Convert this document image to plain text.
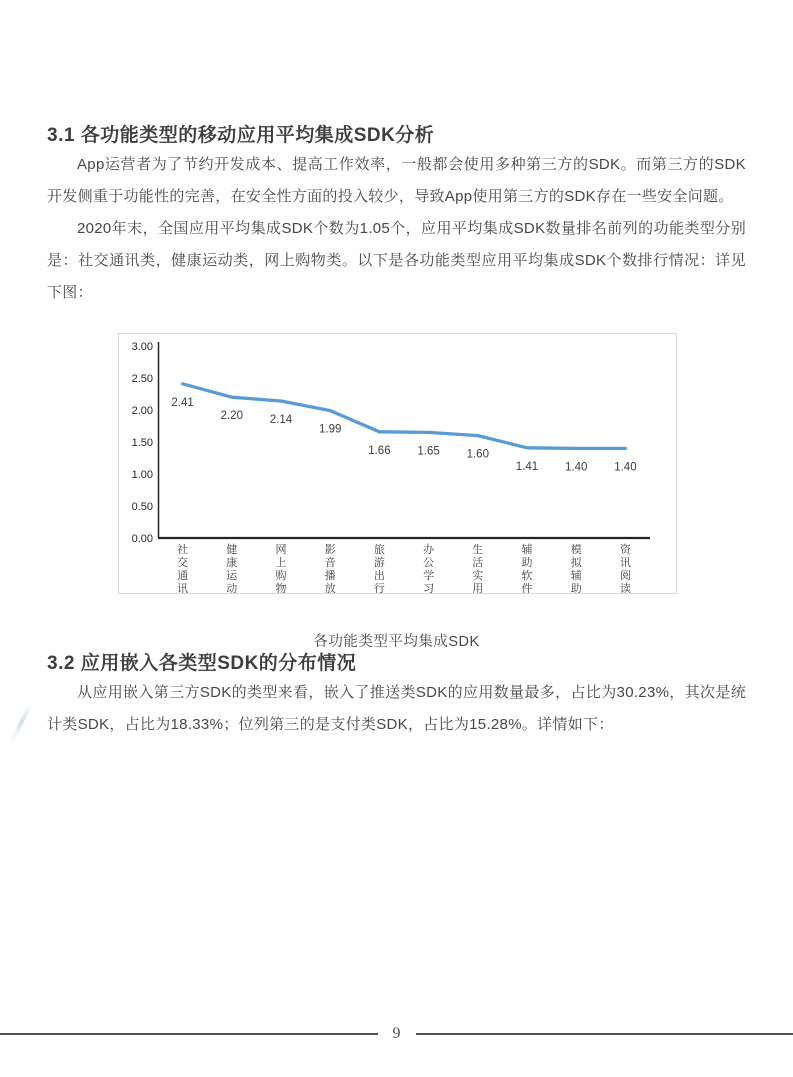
3.1 各功能类型的移动应用平均集成SDK分析

App运营者为了节约开发成本、提高工作效率，一般都会使用多种第三方的SDK。而第三方的SDK开发侧重于功能性的完善，在安全性方面的投入较少，导致App使用第三方的SDK存在一些安全问题。

2020年末，全国应用平均集成SDK个数为1.05个，应用平均集成SDK数量排名前列的功能类型分别是：社交通讯类，健康运动类，网上购物类。以下是各功能类型应用平均集成SDK个数排行情况：详见下图：

3.00
2.50
2.00
1.50
1.00
0.50
0.00
2.41
2.20 2.14
1.99
1.66 1.65 1.60
1.41 1.40 1.40
社交通讯
健康运动
网上购物
影音播放
旅游出行
办公学习
生活实用
辅助软件
模拟辅助
资讯阅读
各功能类型平均集成SDK
3.2 应用嵌入各类型SDK的分布情况

从应用嵌入第三方SDK的类型来看，嵌入了推送类SDK的应用数量最多，占比为30.23%，其次是统计类SDK，占比为18.33%；位列第三的是支付类SDK，占比为15.28%。详情如下：

9
